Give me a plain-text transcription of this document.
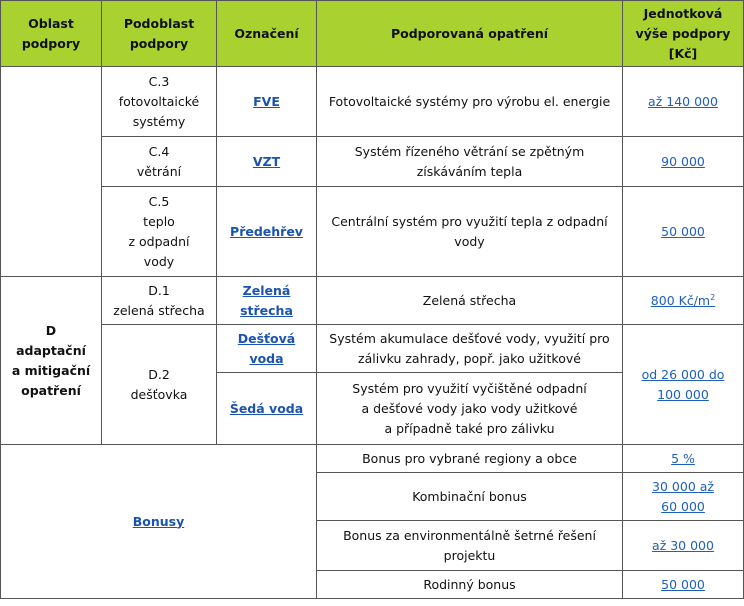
Oblast
podpory	Podoblast
podpory	Označení	Podporovaná opatření	Jednotková
výše podpory
[Kč]

	C.3
fotovoltaické
systémy	FVE	Fotovoltaické systémy pro výrobu el. energie	až 140 000

	C.4
větrání	VZT	Systém řízeného větrání se zpětným
získáváním tepla	90 000

	C.5
teplo
z odpadní
vody	Předehřev	Centrální systém pro využití tepla z odpadní
vody	50 000

D
adaptační
a mitigační
opatření	D.1
zelená střecha	Zelená
střecha	Zelená střecha	800 Kč/m$^2$

	D.2
dešťovka	Dešťová
voda	Systém akumulace dešťové vody, využití pro
zálivku zahrady, popř. jako užitkové	od 26 000 do
100 000

		Šedá voda	Systém pro využití vyčištěné odpadní
a dešťové vody jako vody užitkové
a případně také pro zálivku	

Bonusy			Bonus pro vybrané regiony a obce	5 %
			Kombinační bonus	30 000 až
60 000

			Bonus za environmentálně šetrné řešení
projektu	až 30 000
			Rodinný bonus	50 000
